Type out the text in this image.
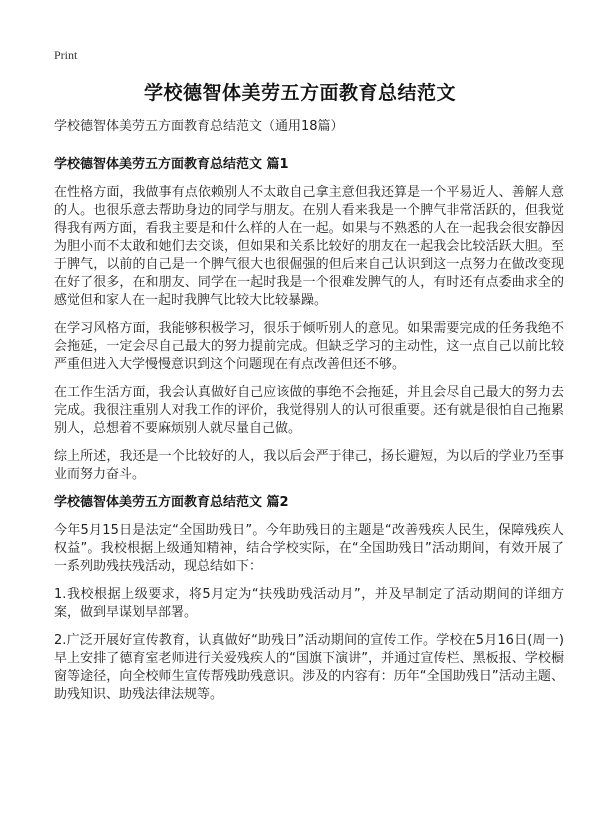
Print
学校德智体美劳五方面教育总结范文

学校德智体美劳五方面教育总结范文（通用18篇）

学校德智体美劳五方面教育总结范文 篇1

在性格方面，我做事有点依赖别人不太敢自己拿主意但我还算是一个平易近人、善解人意的人。也很乐意去帮助身边的同学与朋友。在别人看来我是一个脾气非常活跃的，但我觉得我有两方面，看我主要是和什么样的人在一起。如果与不熟悉的人在一起我会很安静因为胆小而不太敢和她们去交谈，但如果和关系比较好的朋友在一起我会比较活跃大胆。至于脾气，以前的自己是一个脾气很大也很倔强的但后来自己认识到这一点努力在做改变现在好了很多，在和朋友、同学在一起时我是一个很难发脾气的人，有时还有点委曲求全的感觉但和家人在一起时我脾气比较大比较暴躁。

在学习风格方面，我能够积极学习，很乐于倾听别人的意见。如果需要完成的任务我绝不会拖延，一定会尽自己最大的努力提前完成。但缺乏学习的主动性，这一点自己以前比较严重但进入大学慢慢意识到这个问题现在有点改善但还不够。

在工作生活方面，我会认真做好自己应该做的事绝不会拖延，并且会尽自己最大的努力去完成。我很注重别人对我工作的评价，我觉得别人的认可很重要。还有就是很怕自己拖累别人，总想着不要麻烦别人就尽量自己做。

综上所述，我还是一个比较好的人，我以后会严于律己，扬长避短，为以后的学业乃至事业而努力奋斗。

学校德智体美劳五方面教育总结范文 篇2

今年5月15日是法定“全国助残日”。今年助残日的主题是“改善残疾人民生，保障残疾人权益”。我校根据上级通知精神，结合学校实际，在“全国助残日”活动期间，有效开展了一系列助残扶残活动，现总结如下：

1.我校根据上级要求，将5月定为“扶残助残活动月”，并及早制定了活动期间的详细方案，做到早谋划早部署。

2.广泛开展好宣传教育，认真做好“助残日”活动期间的宣传工作。学校在5月16日(周一)早上安排了德育室老师进行关爱残疾人的“国旗下演讲”，并通过宣传栏、黑板报、学校橱窗等途径，向全校师生宣传帮残助残意识。涉及的内容有：历年“全国助残日”活动主题、助残知识、助残法律法规等。
